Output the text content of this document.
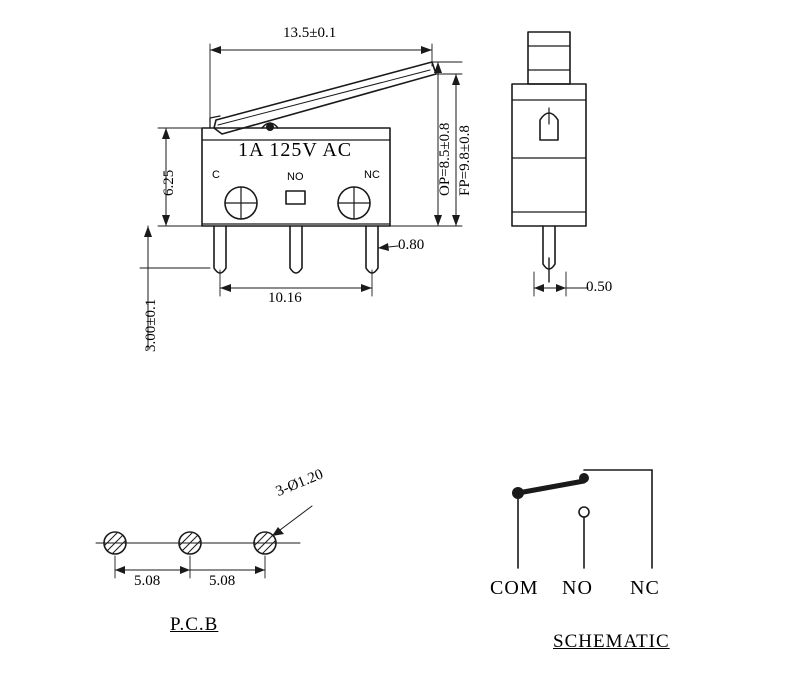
13.5±0.1
6.25
3.00±0.1
10.16
0.80
OP=8.5±0.8 FP=9.8±0.8
1A 125V AC
C	NO	NC
0.50
5.08	5.08
3-Ø1.20
P.C.B
COM NO NC
SCHEMATIC
